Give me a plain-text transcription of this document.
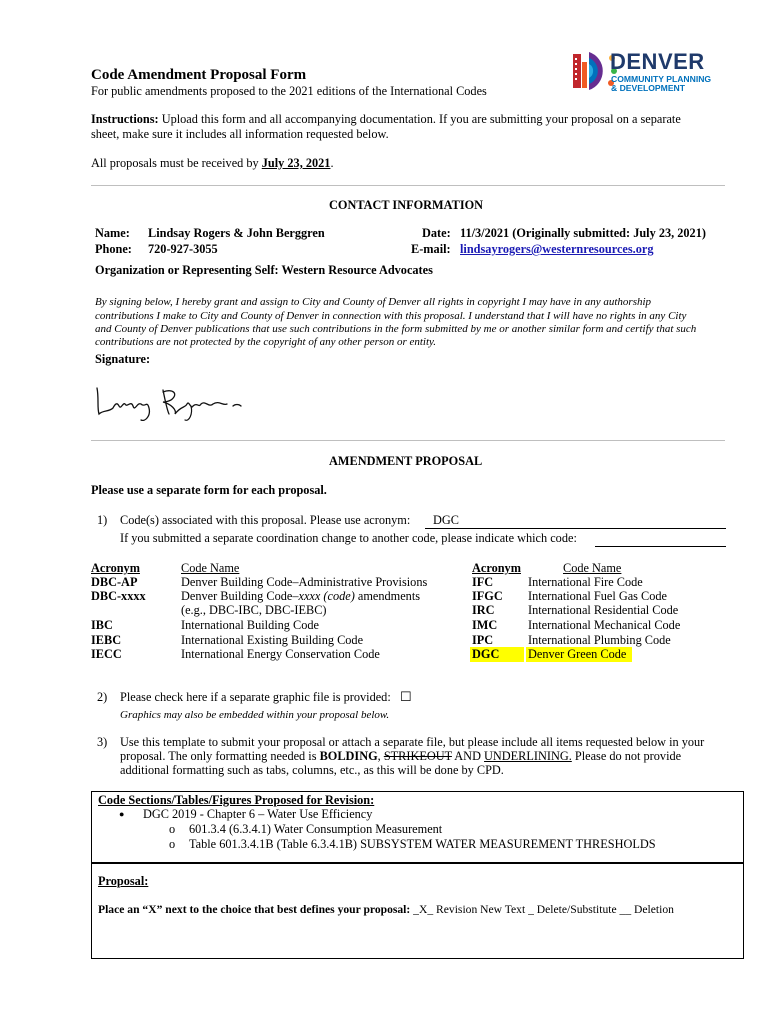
DENVER
COMMUNITY PLANNING
& DEVELOPMENT
Code Amendment Proposal Form
For public amendments proposed to the 2021 editions of the International Codes
Instructions: Upload this form and all accompanying documentation. If you are submitting your proposal on a separate
sheet, make sure it includes all information requested below.
All proposals must be received by July 23, 2021.
CONTACT INFORMATION
Name: Lindsay Rogers & John Berggren
Phone: 720-927-3055
Date: 11/3/2021 (Originally submitted: July 23, 2021)
E-mail: lindsayrogers@westernresources.org
Organization or Representing Self: Western Resource Advocates
By signing below, I hereby grant and assign to City and County of Denver all rights in copyright I may have in any authorship
contributions I make to City and County of Denver in connection with this proposal. I understand that I will have no rights in any City
and County of Denver publications that use such contributions in the form submitted by me or another similar form and certify that such
contributions are not protected by the copyright of any other person or entity.
Signature:
AMENDMENT PROPOSAL
Please use a separate form for each proposal.
1) Code(s) associated with this proposal. Please use acronym: DGC
If you submitted a separate coordination change to another code, please indicate which code:
Acronym	Code Name
DBC-AP	Denver Building Code–Administrative Provisions
DBC-xxxx	Denver Building Code–xxxx (code) amendments
(e.g., DBC-IBC, DBC-IEBC)
IBC	International Building Code
IEBC	International Existing Building Code
IECC	International Energy Conservation Code
Acronym	Code Name
IFC	International Fire Code
IFGC International Fuel Gas Code
IRC	International Residential Code
IMC International Mechanical Code
IPC	International Plumbing Code
DGC Denver Green Code
2) Please check here if a separate graphic file is provided: ☐
Graphics may also be embedded within your proposal below.
3) Use this template to submit your proposal or attach a separate file, but please include all items requested below in your
proposal. The only formatting needed is BOLDING, STRIKEOUT AND UNDERLINING. Please do not provide
additional formatting such as tabs, columns, etc., as this will be done by CPD.
Code Sections/Tables/Figures Proposed for Revision:
● DGC 2019 - Chapter 6 – Water Use Efficiency
o 601.3.4 (6.3.4.1) Water Consumption Measurement
o Table 601.3.4.1B (Table 6.3.4.1B) SUBSYSTEM WATER MEASUREMENT THRESHOLDS
Proposal:
Place an “X” next to the choice that best defines your proposal: _X_ Revision New Text _ Delete/Substitute __ Deletion
